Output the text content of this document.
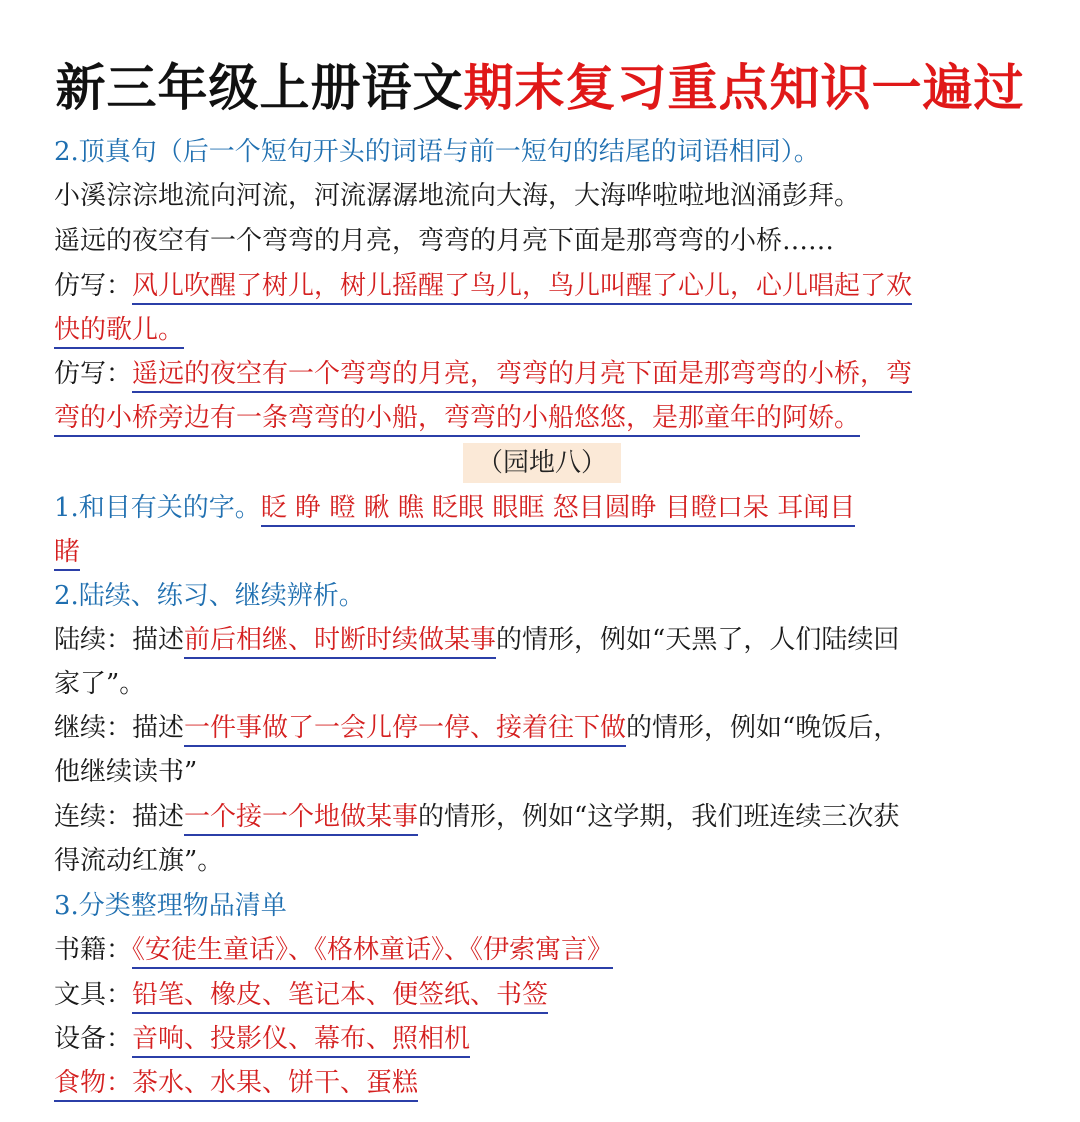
新三年级上册语文期末复习重点知识一遍过
2.顶真句（后一个短句开头的词语与前一短句的结尾的词语相同）。
小溪淙淙地流向河流，河流潺潺地流向大海，大海哗啦啦地汹涌彭拜。
遥远的夜空有一个弯弯的月亮，弯弯的月亮下面是那弯弯的小桥……
仿写：风儿吹醒了树儿，树儿摇醒了鸟儿，鸟儿叫醒了心儿，心儿唱起了欢
快的歌儿。
仿写：遥远的夜空有一个弯弯的月亮，弯弯的月亮下面是那弯弯的小桥，弯
弯的小桥旁边有一条弯弯的小船，弯弯的小船悠悠，是那童年的阿娇。
（园地八）
1.和目有关的字。眨 睁 瞪 瞅 瞧 眨眼 眼眶 怒目圆睁 目瞪口呆 耳闻目
睹
2.陆续、练习、继续辨析。
陆续：描述前后相继、时断时续做某事的情形，例如“天黑了，人们陆续回
家了”。
继续：描述一件事做了一会儿停一停、接着往下做的情形，例如“晚饭后，
他继续读书”
连续：描述一个接一个地做某事的情形，例如“这学期，我们班连续三次获
得流动红旗”。
3.分类整理物品清单
书籍：《安徒生童话》、《格林童话》、《伊索寓言》
文具：铅笔、橡皮、笔记本、便签纸、书签
设备：音响、投影仪、幕布、照相机
食物：茶水、水果、饼干、蛋糕
